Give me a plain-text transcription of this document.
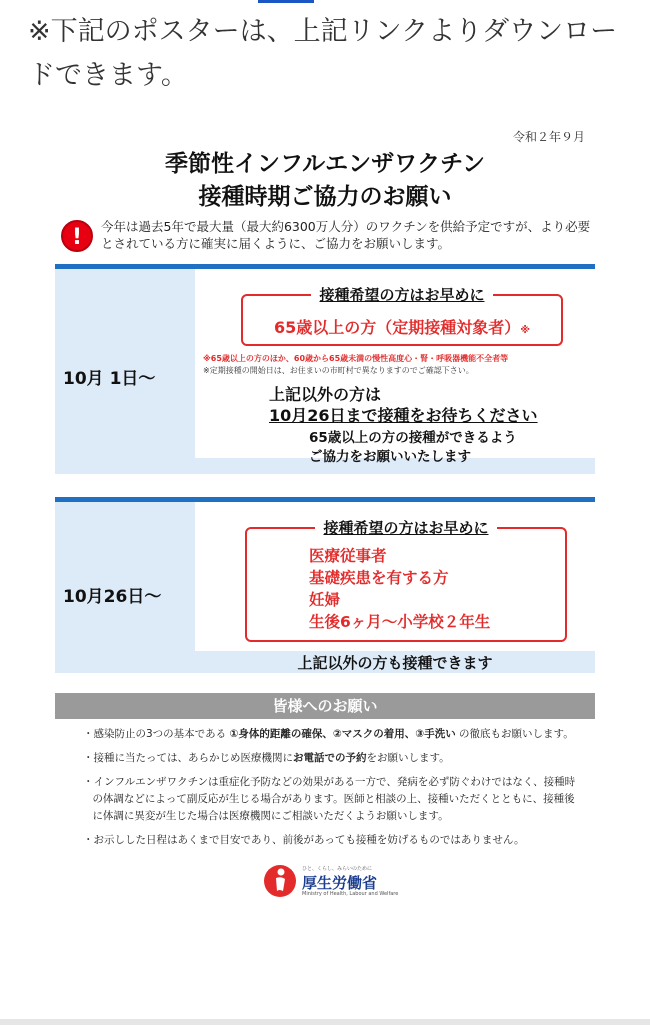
※下記のポスターは、上記リンクよりダウンロードできます。
令和２年９月
季節性インフルエンザワクチン
接種時期ご協力のお願い
!	今年は過去5年で最大量（最大約6300万人分）のワクチンを供給予定ですが、より必要とされている方に確実に届くように、ご協力をお願いします。
10月 1日～
接種希望の方はお早めに
65歳以上の方（定期接種対象者）※
※65歳以上の方のほか、60歳から65歳未満の慢性高度心・腎・呼吸器機能不全者等
※定期接種の開始日は、お住まいの市町村で異なりますのでご確認下さい。
上記以外の方は
10月26日まで接種をお待ちください
65歳以上の方の接種ができるよう
ご協力をお願いいたします
10月26日～
接種希望の方はお早めに
医療従事者
基礎疾患を有する方
妊婦
生後6ヶ月～小学校２年生
上記以外の方も接種できます
皆様へのお願い
・感染防止の3つの基本である ①身体的距離の確保、②マスクの着用、③手洗い の徹底もお願いします。
・接種に当たっては、あらかじめ医療機関にお電話での予約をお願いします。
・インフルエンザワクチンは重症化予防などの効果がある一方で、発病を必ず防ぐわけではなく、接種時の体調などによって副反応が生じる場合があります。医師と相談の上、接種いただくとともに、接種後に体調に異変が生じた場合は医療機関にご相談いただくようお願いします。
・お示しした日程はあくまで目安であり、前後があっても接種を妨げるものではありません。
ひと、くらし、みらいのために
厚生労働省
Ministry of Health, Labour and Welfare
